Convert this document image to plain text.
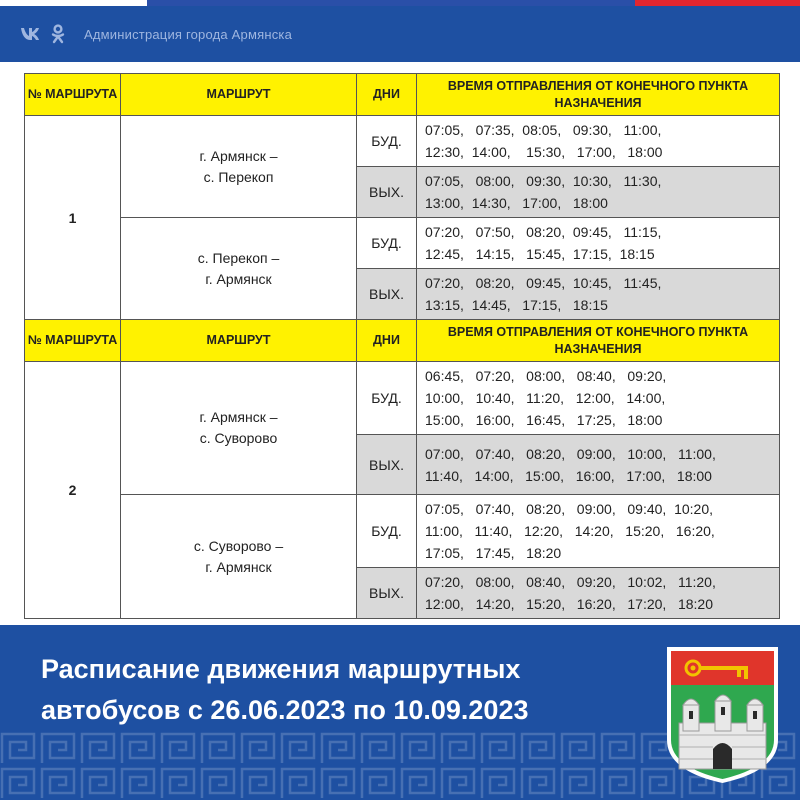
Администрация города Армянска
№ МАРШРУТА	МАРШРУТ	ДНИ	ВРЕМЯ ОТПРАВЛЕНИЯ ОТ КОНЕЧНОГО ПУНКТА НАЗНАЧЕНИЯ
1	г. Армянск –
с. Перекоп	БУД.	07:05,   07:35,  08:05,   09:30,   11:00,
12:30,  14:00,    15:30,   17:00,   18:00
		ВЫХ.	07:05,   08:00,   09:30,  10:30,   11:30,
13:00,  14:30,   17:00,   18:00
	с. Перекоп –
г. Армянск	БУД.	07:20,   07:50,   08:20,  09:45,   11:15,
12:45,   14:15,   15:45,  17:15,  18:15
		ВЫХ.	07:20,   08:20,   09:45,  10:45,   11:45,
13:15,  14:45,   17:15,   18:15
№ МАРШРУТА	МАРШРУТ	ДНИ	ВРЕМЯ ОТПРАВЛЕНИЯ ОТ КОНЕЧНОГО ПУНКТА НАЗНАЧЕНИЯ
2	г. Армянск –
с. Суворово	БУД.	06:45,   07:20,   08:00,   08:40,   09:20,
10:00,   10:40,   11:20,   12:00,   14:00,
15:00,   16:00,   16:45,   17:25,   18:00
		ВЫХ.	07:00,   07:40,   08:20,   09:00,   10:00,   11:00,
11:40,   14:00,   15:00,   16:00,   17:00,   18:00
	с. Суворово –
г. Армянск	БУД.	07:05,   07:40,   08:20,   09:00,   09:40,  10:20,
11:00,   11:40,   12:20,   14:20,   15:20,   16:20,
17:05,   17:45,   18:20
		ВЫХ.	07:20,   08:00,   08:40,   09:20,   10:02,   11:20,
12:00,   14:20,   15:20,   16:20,   17:20,   18:20
Расписание движения маршрутных
автобусов с 26.06.2023 по 10.09.2023
